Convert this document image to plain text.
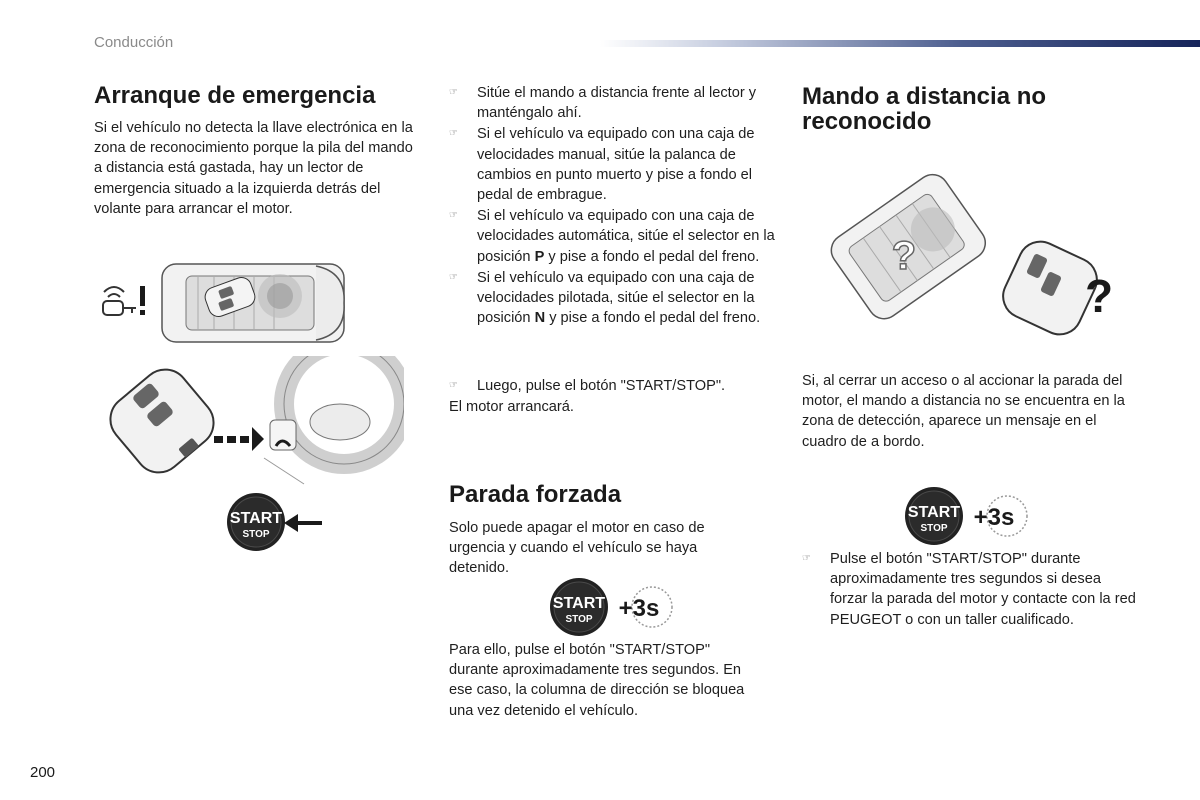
Conducción
Arranque de emergencia

Si el vehículo no detecta la llave electrónica en la zona de reconocimiento porque la pila del mando a distancia está gastada, hay un lector de emergencia situado a la izquierda detrás del volante para arrancar el motor.

START
STOP
☞ Sitúe el mando a distancia frente al lector y manténgalo ahí.
☞ Si el vehículo va equipado con una caja de velocidades manual, sitúe la palanca de cambios en punto muerto y pise a fondo el pedal de embrague.
☞ Si el vehículo va equipado con una caja de velocidades automática, sitúe el selector en la posición P y pise a fondo el pedal del freno.
☞ Si el vehículo va equipado con una caja de velocidades pilotada, sitúe el selector en la posición N y pise a fondo el pedal del freno.
☞ Luego, pulse el botón "START/STOP".

El motor arrancará.

Parada forzada

Solo puede apagar el motor en caso de urgencia y cuando el vehículo se haya detenido.

START
STOP +3s

Para ello, pulse el botón "START/STOP" durante aproximadamente tres segundos. En ese caso, la columna de dirección se bloquea una vez detenido el vehículo.

Mando a distancia no
reconocido
?
?

Si, al cerrar un acceso o al accionar la parada del motor, el mando a distancia no se encuentra en la zona de detección, aparece un mensaje en el cuadro de a bordo.

START
STOP +3s
☞ Pulse el botón "START/STOP" durante aproximadamente tres segundos si desea forzar la parada del motor y contacte con la red PEUGEOT o con un taller cualificado.
200
